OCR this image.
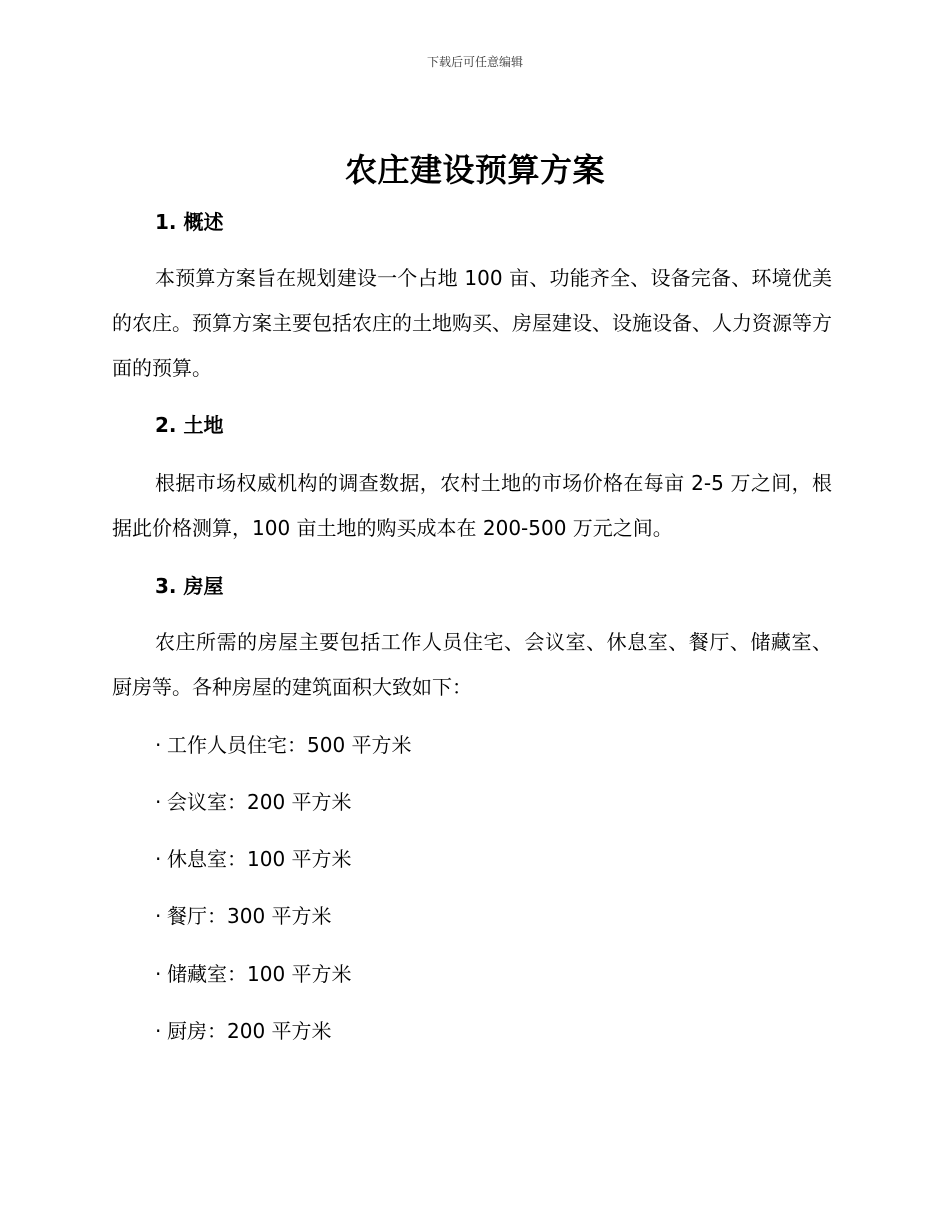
下载后可任意编辑
农庄建设预算方案
1. 概述
本预算方案旨在规划建设一个占地 100 亩、功能齐全、设备完备、环境优美的农庄。预算方案主要包括农庄的土地购买、房屋建设、设施设备、人力资源等方面的预算。
2. 土地
根据市场权威机构的调查数据，农村土地的市场价格在每亩 2-5 万之间，根据此价格测算，100 亩土地的购买成本在 200-500 万元之间。
3. 房屋
农庄所需的房屋主要包括工作人员住宅、会议室、休息室、餐厅、储藏室、厨房等。各种房屋的建筑面积大致如下：
· 工作人员住宅：500 平方米
· 会议室：200 平方米
· 休息室：100 平方米
· 餐厅：300 平方米
· 储藏室：100 平方米
· 厨房：200 平方米
